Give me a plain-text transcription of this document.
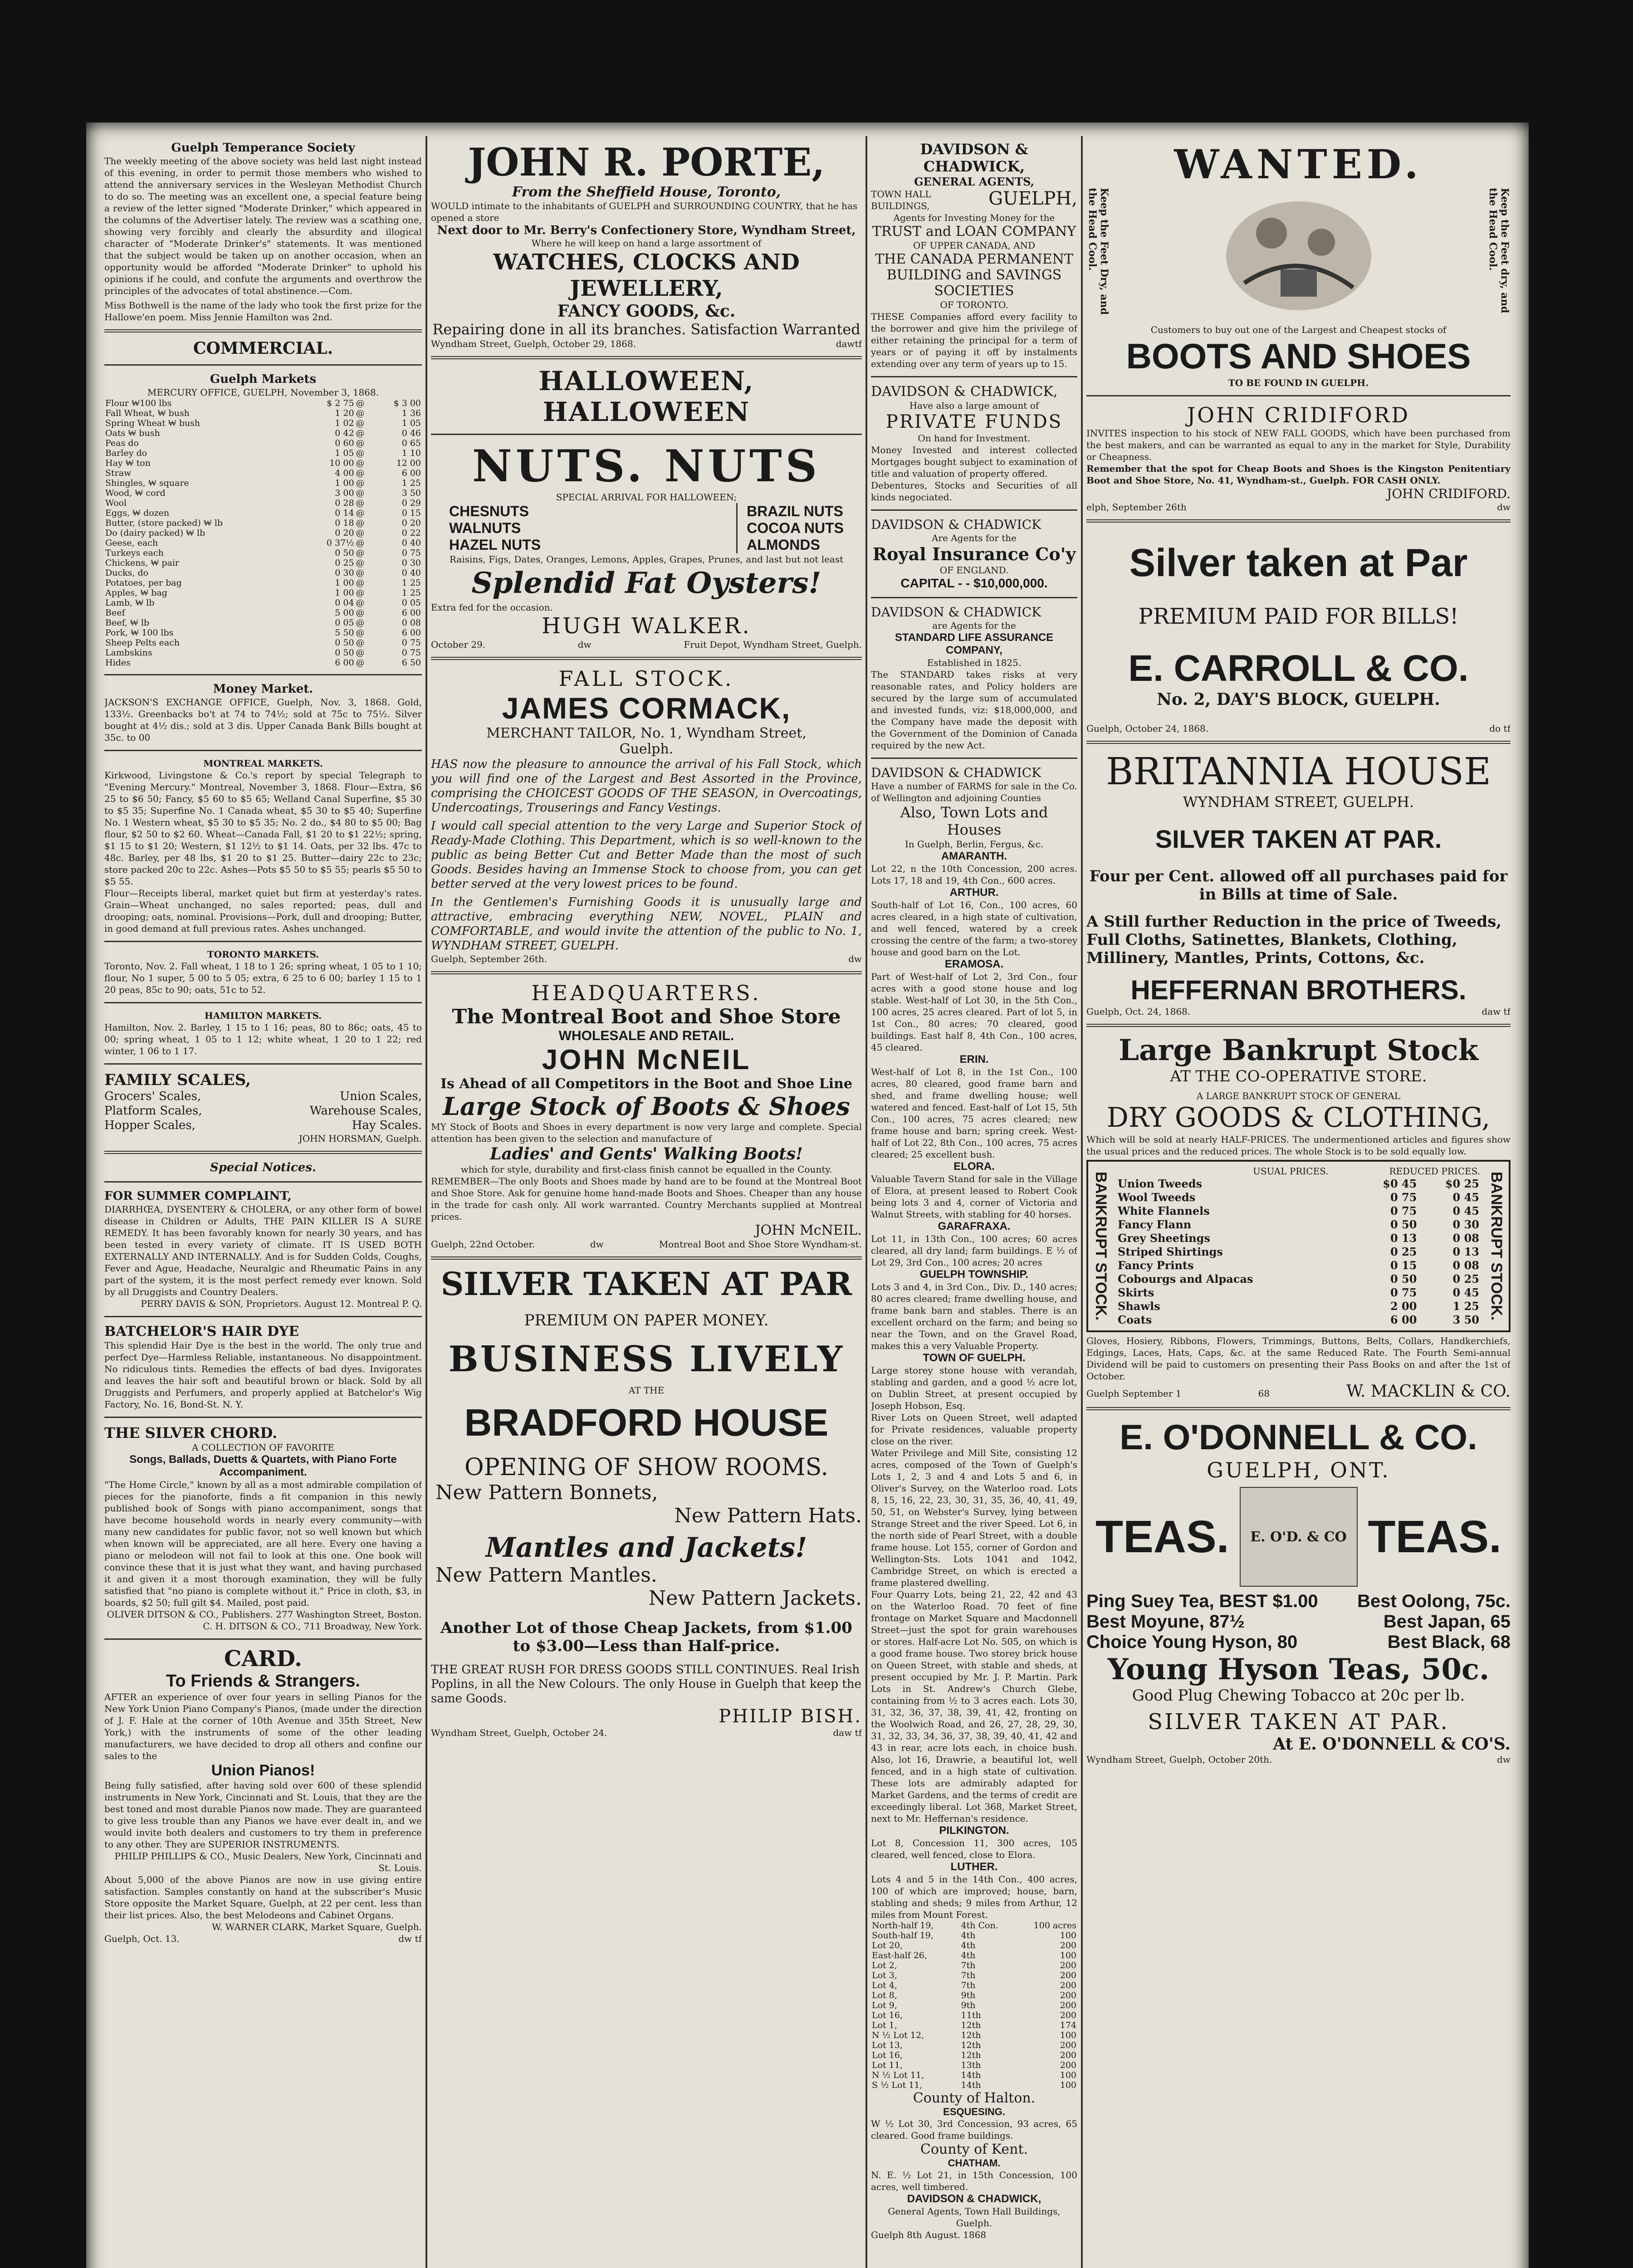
Guelph Temperance Society
The weekly meeting of the above society was held last night instead of this evening, in order to permit those members who wished to attend the anniversary services in the Wesleyan Methodist Church to do so. The meeting was an excellent one, a special feature being a review of the letter signed "Moderate Drinker," which appeared in the columns of the Advertiser lately. The review was a scathing one, showing very forcibly and clearly the absurdity and illogical character of "Moderate Drinker's" statements. It was mentioned that the subject would be taken up on another occasion, when an opportunity would be afforded "Moderate Drinker" to uphold his opinions if he could, and confute the arguments and overthrow the principles of the advocates of total abstinence.—Com.
Miss Bothwell is the name of the lady who took the first prize for the Hallowe'en poem. Miss Jennie Hamilton was 2nd.
COMMERCIAL.
Guelph Markets
MERCURY OFFICE, GUELPH, November 3, 1868.
Flour ₩100 lbs	$ 2 75	@	$ 3 00
Fall Wheat, ₩ bush	1 20	@	1 36
Spring Wheat ₩ bush	1 02	@	1 05
Oats ₩ bush	0 42	@	0 46
Peas do	0 60	@	0 65
Barley do	1 05	@	1 10
Hay ₩ ton	10 00	@	12 00
Straw	4 00	@	6 00
Shingles, ₩ square	1 00	@	1 25
Wood, ₩ cord	3 00	@	3 50
Wool	0 28	@	0 29
Eggs, ₩ dozen	0 14	@	0 15
Butter, (store packed) ₩ lb	0 18	@	0 20
Do (dairy packed) ₩ lb	0 20	@	0 22
Geese, each	0 37½	@	0 40
Turkeys each	0 50	@	0 75
Chickens, ₩ pair	0 25	@	0 30
Ducks, do	0 30	@	0 40
Potatoes, per bag	1 00	@	1 25
Apples, ₩ bag	1 00	@	1 25
Lamb, ₩ lb	0 04	@	0 05
Beef	5 00	@	6 00
Beef, ₩ lb	0 05	@	0 08
Pork, ₩ 100 lbs	5 50	@	6 00
Sheep Pelts each	0 50	@	0 75
Lambskins	0 50	@	0 75
Hides	6 00	@	6 50
Money Market.
JACKSON'S EXCHANGE OFFICE, Guelph, Nov. 3, 1868. Gold, 133½. Greenbacks bo't at 74 to 74½; sold at 75c to 75½. Silver bought at 4½ dis.; sold at 3 dis. Upper Canada Bank Bills bought at 35c. to 00
MONTREAL MARKETS.
Kirkwood, Livingstone & Co.'s report by special Telegraph to "Evening Mercury." Montreal, November 3, 1868. Flour—Extra, $6 25 to $6 50; Fancy, $5 60 to $5 65; Welland Canal Superfine, $5 30 to $5 35; Superfine No. 1 Canada wheat, $5 30 to $5 40; Superfine No. 1 Western wheat, $5 30 to $5 35; No. 2 do., $4 80 to $5 00; Bag flour, $2 50 to $2 60. Wheat—Canada Fall, $1 20 to $1 22½; spring, $1 15 to $1 20; Western, $1 12½ to $1 14. Oats, per 32 lbs. 47c to 48c. Barley, per 48 lbs, $1 20 to $1 25. Butter—dairy 22c to 23c; store packed 20c to 22c. Ashes—Pots $5 50 to $5 55; pearls $5 50 to $5 55.
Flour—Receipts liberal, market quiet but firm at yesterday's rates. Grain—Wheat unchanged, no sales reported; peas, dull and drooping; oats, nominal. Provisions—Pork, dull and drooping; Butter, in good demand at full previous rates. Ashes unchanged.
TORONTO MARKETS.
Toronto, Nov. 2. Fall wheat, 1 18 to 1 26; spring wheat, 1 05 to 1 10; flour, No 1 super, 5 00 to 5 05; extra, 6 25 to 6 00; barley 1 15 to 1 20 peas, 85c to 90; oats, 51c to 52.
HAMILTON MARKETS.
Hamilton, Nov. 2. Barley, 1 15 to 1 16; peas, 80 to 86c; oats, 45 to 00; spring wheat, 1 05 to 1 12; white wheat, 1 20 to 1 22; red winter, 1 06 to 1 17.
FAMILY SCALES,
Grocers' Scales,	Union Scales,
Platform Scales,	Warehouse Scales,
Hopper Scales,	Hay Scales.
JOHN HORSMAN, Guelph.
Special Notices.
FOR SUMMER COMPLAINT,
DIARRHŒA, DYSENTERY & CHOLERA, or any other form of bowel disease in Children or Adults, THE PAIN KILLER IS A SURE REMEDY. It has been favorably known for nearly 30 years, and has been tested in every variety of climate. IT IS USED BOTH EXTERNALLY AND INTERNALLY. And is for Sudden Colds, Coughs, Fever and Ague, Headache, Neuralgic and Rheumatic Pains in any part of the system, it is the most perfect remedy ever known. Sold by all Druggists and Country Dealers.
PERRY DAVIS & SON, Proprietors. August 12. Montreal P. Q.
BATCHELOR'S HAIR DYE
This splendid Hair Dye is the best in the world. The only true and perfect Dye—Harmless Reliable, instantaneous. No disappointment. No ridiculous tints. Remedies the effects of bad dyes. Invigorates and leaves the hair soft and beautiful brown or black. Sold by all Druggists and Perfumers, and properly applied at Batchelor's Wig Factory, No. 16, Bond-St. N. Y.
THE SILVER CHORD.
A COLLECTION OF FAVORITE
Songs, Ballads, Duetts & Quartets, with Piano Forte Accompaniment.
"The Home Circle," known by all as a most admirable compilation of pieces for the pianoforte, finds a fit companion in this newly published book of Songs with piano accompaniment, songs that have become household words in nearly every community—with many new candidates for public favor, not so well known but which when known will be appreciated, are all here. Every one having a piano or melodeon will not fail to look at this one. One book will convince these that it is just what they want, and having purchased it and given it a most thorough examination, they will be fully satisfied that "no piano is complete without it." Price in cloth, $3, in boards, $2 50; full gilt $4. Mailed, post paid.
OLIVER DITSON & CO., Publishers. 277 Washington Street, Boston. C. H. DITSON & CO., 711 Broadway, New York.
CARD.
To Friends & Strangers.
AFTER an experience of over four years in selling Pianos for the New York Union Piano Company's Pianos, (made under the direction of J. F. Hale at the corner of 10th Avenue and 35th Street, New York,) with the instruments of some of the other leading manufacturers, we have decided to drop all others and confine our sales to the
Union Pianos!
Being fully satisfied, after having sold over 600 of these splendid instruments in New York, Cincinnati and St. Louis, that they are the best toned and most durable Pianos now made. They are guaranteed to give less trouble than any Pianos we have ever dealt in, and we would invite both dealers and customers to try them in preference to any other. They are SUPERIOR INSTRUMENTS.
PHILIP PHILLIPS & CO., Music Dealers, New York, Cincinnati and St. Louis.
About 5,000 of the above Pianos are now in use giving entire satisfaction. Samples constantly on hand at the subscriber's Music Store opposite the Market Square, Guelph, at 22 per cent. less than their list prices. Also, the best Melodeons and Cabinet Organs.
W. WARNER CLARK, Market Square, Guelph.
Guelph, Oct. 13.	dw tf
JOHN R. PORTE,
From the Sheffield House, Toronto,
WOULD intimate to the inhabitants of GUELPH and SURROUNDING COUNTRY, that he has opened a store
Next door to Mr. Berry's Confectionery Store, Wyndham Street,
Where he will keep on hand a large assortment of
WATCHES, CLOCKS AND JEWELLERY,
FANCY GOODS, &c.
Repairing done in all its branches. Satisfaction Warranted
Wyndham Street, Guelph, October 29, 1868.	dawtf
HALLOWEEN, HALLOWEEN
NUTS. NUTS
SPECIAL ARRIVAL FOR HALLOWEEN;
CHESNUTS
WALNUTS
HAZEL NUTS
BRAZIL NUTS
COCOA NUTS
ALMONDS
Raisins, Figs, Dates, Oranges, Lemons, Apples, Grapes, Prunes, and last but not least
Splendid Fat Oysters!
Extra fed for the occasion.
HUGH WALKER.
October 29.	dw	Fruit Depot, Wyndham Street, Guelph.
FALL STOCK.
JAMES CORMACK,
MERCHANT TAILOR, No. 1, Wyndham Street, Guelph.
HAS now the pleasure to announce the arrival of his Fall Stock, which you will find one of the Largest and Best Assorted in the Province, comprising the CHOICEST GOODS OF THE SEASON, in Overcoatings, Undercoatings, Trouserings and Fancy Vestings.
I would call special attention to the very Large and Superior Stock of Ready-Made Clothing. This Department, which is so well-known to the public as being Better Cut and Better Made than the most of such Goods. Besides having an Immense Stock to choose from, you can get better served at the very lowest prices to be found.
In the Gentlemen's Furnishing Goods it is unusually large and attractive, embracing everything NEW, NOVEL, PLAIN and COMFORTABLE, and would invite the attention of the public to No. 1, WYNDHAM STREET, GUELPH.
Guelph, September 26th.	dw
HEADQUARTERS.
The Montreal Boot and Shoe Store
WHOLESALE AND RETAIL.
JOHN McNEIL
Is Ahead of all Competitors in the Boot and Shoe Line
Large Stock of Boots & Shoes
MY Stock of Boots and Shoes in every department is now very large and complete. Special attention has been given to the selection and manufacture of
Ladies' and Gents' Walking Boots!
which for style, durability and first-class finish cannot be equalled in the County.
REMEMBER—The only Boots and Shoes made by hand are to be found at the Montreal Boot and Shoe Store. Ask for genuine home hand-made Boots and Shoes. Cheaper than any house in the trade for cash only. All work warranted. Country Merchants supplied at Montreal prices.
JOHN McNEIL.
Guelph, 22nd October.	dw	Montreal Boot and Shoe Store Wyndham-st.
SILVER TAKEN AT PAR
PREMIUM ON PAPER MONEY.
BUSINESS LIVELY
AT THE
BRADFORD HOUSE
OPENING OF SHOW ROOMS.
New Pattern Bonnets,
New Pattern Hats.
Mantles and Jackets!
New Pattern Mantles.
New Pattern Jackets.
Another Lot of those Cheap Jackets, from $1.00 to $3.00—Less than Half-price.
THE GREAT RUSH FOR DRESS GOODS STILL CONTINUES. Real Irish Poplins, in all the New Colours. The only House in Guelph that keep the same Goods.
PHILIP BISH.
Wyndham Street, Guelph, October 24.	daw tf
DAVIDSON & CHADWICK,
GENERAL AGENTS,
TOWN HALL BUILDINGS,	GUELPH,
Agents for Investing Money for the
TRUST and LOAN COMPANY
OF UPPER CANADA, AND
THE CANADA PERMANENT BUILDING and SAVINGS SOCIETIES
OF TORONTO.
THESE Companies afford every facility to the borrower and give him the privilege of either retaining the principal for a term of years or of paying it off by instalments extending over any term of years up to 15.
DAVIDSON & CHADWICK,
Have also a large amount of
PRIVATE FUNDS
On hand for Investment.
Money Invested and interest collected Mortgages bought subject to examination of title and valuation of property offered.
Debentures, Stocks and Securities of all kinds negociated.
DAVIDSON & CHADWICK
Are Agents for the
Royal Insurance Co'y
OF ENGLAND.
CAPITAL - - $10,000,000.
DAVIDSON & CHADWICK
are Agents for the
STANDARD LIFE ASSURANCE COMPANY,
Established in 1825.
The STANDARD takes risks at very reasonable rates, and Policy holders are secured by the large sum of accumulated and invested funds, viz: $18,000,000, and the Company have made the deposit with the Government of the Dominion of Canada required by the new Act.
DAVIDSON & CHADWICK
Have a number of FARMS for sale in the Co. of Wellington and adjoining Counties
Also, Town Lots and Houses
In Guelph, Berlin, Fergus, &c.
AMARANTH.
Lot 22, n the 10th Concession, 200 acres. Lots 17, 18 and 19, 4th Con., 600 acres.
ARTHUR.
South-half of Lot 16, Con., 100 acres, 60 acres cleared, in a high state of cultivation, and well fenced, watered by a creek crossing the centre of the farm; a two-storey house and good barn on the Lot.
ERAMOSA.
Part of West-half of Lot 2, 3rd Con., four acres with a good stone house and log stable. West-half of Lot 30, in the 5th Con., 100 acres, 25 acres cleared. Part of lot 5, in 1st Con., 80 acres; 70 cleared, good buildings. East half 8, 4th Con., 100 acres, 45 cleared.
ERIN.
West-half of Lot 8, in the 1st Con., 100 acres, 80 cleared, good frame barn and shed, and frame dwelling house; well watered and fenced. East-half of Lot 15, 5th Con., 100 acres, 75 acres cleared; new frame house and barn; spring creek. West-half of Lot 22, 8th Con., 100 acres, 75 acres cleared; 25 excellent bush.
ELORA.
Valuable Tavern Stand for sale in the Village of Elora, at present leased to Robert Cook being lots 3 and 4, corner of Victoria and Walnut Streets, with stabling for 40 horses.
GARAFRAXA.
Lot 11, in 13th Con., 100 acres; 60 acres cleared, all dry land; farm buildings. E ½ of Lot 29, 3rd Con., 100 acres; 20 acres
GUELPH TOWNSHIP.
Lots 3 and 4, in 3rd Con., Div. D., 140 acres; 80 acres cleared; frame dwelling house, and frame bank barn and stables. There is an excellent orchard on the farm; and being so near the Town, and on the Gravel Road, makes this a very Valuable Property.
TOWN OF GUELPH.
Large storey stone house with verandah, stabling and garden, and a good ½ acre lot, on Dublin Street, at present occupied by Joseph Hobson, Esq.
River Lots on Queen Street, well adapted for Private residences, valuable property close on the river.
Water Privilege and Mill Site, consisting 12 acres, composed of the Town of Guelph's Lots 1, 2, 3 and 4 and Lots 5 and 6, in Oliver's Survey, on the Waterloo road. Lots 8, 15, 16, 22, 23, 30, 31, 35, 36, 40, 41, 49, 50, 51, on Webster's Survey, lying between Strange Street and the river Speed. Lot 6, in the north side of Pearl Street, with a double frame house. Lot 155, corner of Gordon and Wellington-Sts. Lots 1041 and 1042, Cambridge Street, on which is erected a frame plastered dwelling.
Four Quarry Lots, being 21, 22, 42 and 43 on the Waterloo Road. 70 feet of fine frontage on Market Square and Macdonnell Street—just the spot for grain warehouses or stores. Half-acre Lot No. 505, on which is a good frame house. Two storey brick house on Queen Street, with stable and sheds, at present occupied by Mr. J. P. Martin. Park Lots in St. Andrew's Church Glebe, containing from ½ to 3 acres each. Lots 30, 31, 32, 36, 37, 38, 39, 41, 42, fronting on the Woolwich Road, and 26, 27, 28, 29, 30, 31, 32, 33, 34, 36, 37, 38, 39, 40, 41, 42 and 43 in rear, acre lots each, in choice bush. Also, lot 16, Drawrie, a beautiful lot, well fenced, and in a high state of cultivation. These lots are admirably adapted for Market Gardens, and the terms of credit are exceedingly liberal. Lot 368, Market Street, next to Mr. Heffernan's residence.
PILKINGTON.
Lot 8, Concession 11, 300 acres, 105 cleared, well fenced, close to Elora.
LUTHER.
Lots 4 and 5 in the 14th Con., 400 acres, 100 of which are improved; house, barn, stabling and sheds; 9 miles from Arthur, 12 miles from Mount Forest.
North-half 19,	4th Con.	100 acres
South-half 19,	4th	100
Lot 20,	4th	200
East-half 26,	4th	100
Lot 2,	7th	200
Lot 3,	7th	200
Lot 4,	7th	200
Lot 8,	9th	200
Lot 9,	9th	200
Lot 16,	11th	200
Lot 1,	12th	174
N ½ Lot 12,	12th	100
Lot 13,	12th	200
Lot 16,	12th	200
Lot 11,	13th	200
N ½ Lot 11,	14th	100
S ½ Lot 11,	14th	100
County of Halton.
ESQUESING.
W ½ Lot 30, 3rd Concession, 93 acres, 65 cleared. Good frame buildings.
County of Kent.
CHATHAM.
N. E. ½ Lot 21, in 15th Concession, 100 acres, well timbered.
DAVIDSON & CHADWICK,
General Agents, Town Hall Buildings, Guelph.
Guelph 8th August. 1868
WANTED.
Keep the Feet Dry, and the Head Cool.	Keep the Feet dry, and the Head Cool.
Customers to buy out one of the Largest and Cheapest stocks of
BOOTS AND SHOES
TO BE FOUND IN GUELPH.
JOHN CRIDIFORD
INVITES inspection to his stock of NEW FALL GOODS, which have been purchased from the best makers, and can be warranted as equal to any in the market for Style, Durability or Cheapness.
Remember that the spot for Cheap Boots and Shoes is the Kingston Penitentiary Boot and Shoe Store, No. 41, Wyndham-st., Guelph. FOR CASH ONLY.
JOHN CRIDIFORD.
elph, September 26th	dw
Silver taken at Par
PREMIUM PAID FOR BILLS!
E. CARROLL & CO.
No. 2, DAY'S BLOCK, GUELPH.
Guelph, October 24, 1868.	do tf
BRITANNIA HOUSE
WYNDHAM STREET, GUELPH.
SILVER TAKEN AT PAR.
Four per Cent. allowed off all purchases paid for in Bills at time of Sale.
A Still further Reduction in the price of Tweeds, Full Cloths, Satinettes, Blankets, Clothing, Millinery, Mantles, Prints, Cottons, &c.
HEFFERNAN BROTHERS.
Guelph, Oct. 24, 1868.	daw tf
Large Bankrupt Stock
AT THE CO-OPERATIVE STORE.
A LARGE BANKRUPT STOCK OF GENERAL
DRY GOODS & CLOTHING,
Which will be sold at nearly HALF-PRICES. The undermentioned articles and figures show the usual prices and the reduced prices. The whole Stock is to be sold equally low.
BANKRUPT STOCK.
USUAL PRICES.	REDUCED PRICES.
Union Tweeds	$0 45	$0 25
Wool Tweeds	0 75	0 45
White Flannels	0 75	0 45
Fancy Flann	0 50	0 30
Grey Sheetings	0 13	0 08
Striped Shirtings	0 25	0 13
Fancy Prints	0 15	0 08
Cobourgs and Alpacas	0 50	0 25
Skirts	0 75	0 45
Shawls	2 00	1 25
Coats	6 00	3 50 BANKRUPT STOCK.
Gloves, Hosiery, Ribbons, Flowers, Trimmings, Buttons, Belts, Collars, Handkerchiefs, Edgings, Laces, Hats, Caps, &c. at the same Reduced Rate. The Fourth Semi-annual Dividend will be paid to customers on presenting their Pass Books on and after the 1st of October.
Guelph September 1	68	W. MACKLIN & CO.
E. O'DONNELL & CO.
GUELPH, ONT.
TEAS.	E. O'D. & CO TEAS.
Ping Suey Tea, BEST $1.00 Best Oolong, 75c.
Best Moyune, 87½	Best Japan, 65
Choice Young Hyson, 80	Best Black, 68
Young Hyson Teas, 50c.
Good Plug Chewing Tobacco at 20c per lb.
SILVER TAKEN AT PAR.
At E. O'DONNELL & CO'S.
Wyndham Street, Guelph, October 20th.	dw
